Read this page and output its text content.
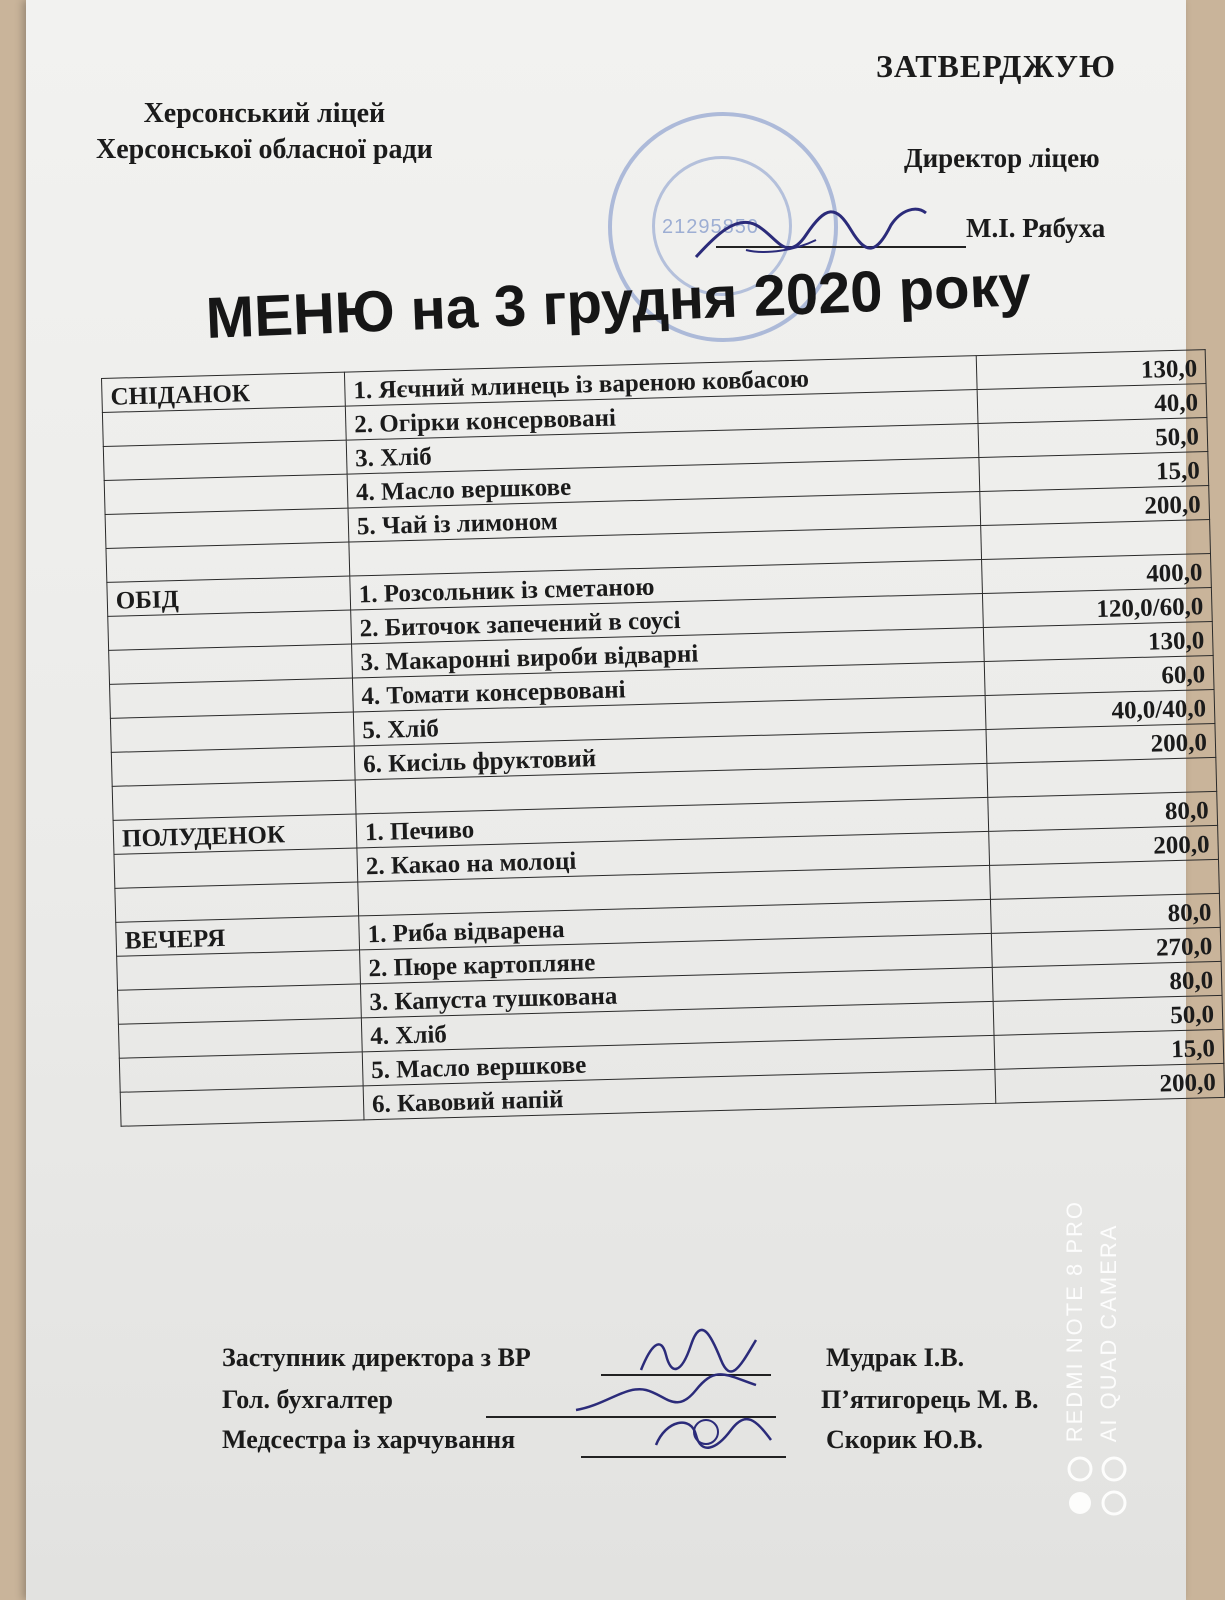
Херсонський ліцей
Херсонської обласної ради
21295850
ЗАТВЕРДЖУЮ
Директор ліцею
М.І. Рябуха
МЕНЮ на 3 грудня 2020 року
СНІДАНОК	1. Яєчний млинець із вареною ковбасою	130,0
	2. Огірки консервовані	40,0
	3. Хліб	50,0
	4. Масло вершкове	15,0
	5. Чай із лимоном	200,0

ОБІД	1. Розсольник із сметаною	400,0
	2. Биточок запечений в соусі	120,0/60,0
	3. Макаронні вироби відварні	130,0
	4. Томати консервовані	60,0
	5. Хліб	40,0/40,0
	6. Кисіль фруктовий	200,0

ПОЛУДЕНОК	1. Печиво	80,0
	2. Какао на молоці	200,0

ВЕЧЕРЯ	1. Риба відварена	80,0
	2. Пюре картопляне	270,0
	3. Капуста тушкована	80,0
	4. Хліб	50,0
	5. Масло вершкове	15,0
	6. Кавовий напій	200,0
Заступник директора з ВР	Мудрак І.В.
Гол. бухгалтер	П’ятигорець М. В.
Медсестра із харчування	Скорик Ю.В.	REDMI NOTE 8 PRO AI QUAD CAMERA
